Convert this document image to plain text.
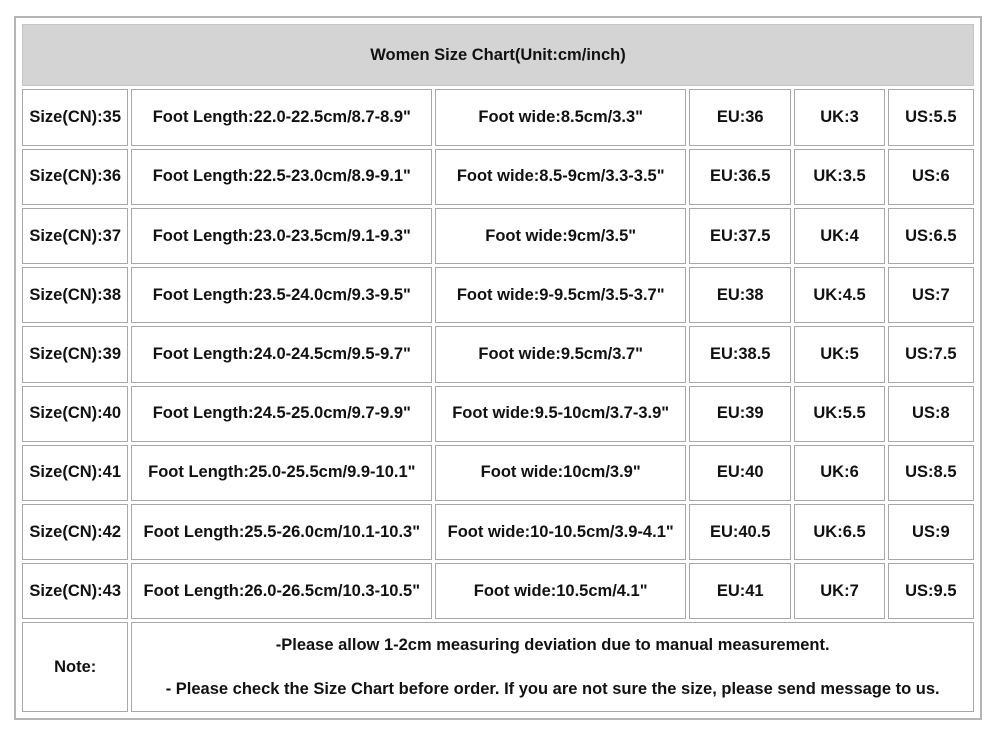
Women Size Chart(Unit:cm/inch)					
Size(CN):35	Foot Length:22.0-22.5cm/8.7-8.9"	Foot wide:8.5cm/3.3"	EU:36	UK:3	US:5.5
Size(CN):36	Foot Length:22.5-23.0cm/8.9-9.1"	Foot wide:8.5-9cm/3.3-3.5"	EU:36.5	UK:3.5	US:6
Size(CN):37	Foot Length:23.0-23.5cm/9.1-9.3"	Foot wide:9cm/3.5"	EU:37.5	UK:4	US:6.5
Size(CN):38	Foot Length:23.5-24.0cm/9.3-9.5"	Foot wide:9-9.5cm/3.5-3.7"	EU:38	UK:4.5	US:7
Size(CN):39	Foot Length:24.0-24.5cm/9.5-9.7"	Foot wide:9.5cm/3.7"	EU:38.5	UK:5	US:7.5
Size(CN):40	Foot Length:24.5-25.0cm/9.7-9.9"	Foot wide:9.5-10cm/3.7-3.9"	EU:39	UK:5.5	US:8
Size(CN):41	Foot Length:25.0-25.5cm/9.9-10.1"	Foot wide:10cm/3.9"	EU:40	UK:6	US:8.5
Size(CN):42	Foot Length:25.5-26.0cm/10.1-10.3"	Foot wide:10-10.5cm/3.9-4.1"	EU:40.5	UK:6.5	US:9
Size(CN):43	Foot Length:26.0-26.5cm/10.3-10.5"	Foot wide:10.5cm/4.1"	EU:41	UK:7	US:9.5
Note:	-Please allow 1-2cm measuring deviation due to manual measurement.
- Please check the Size Chart before order. If you are not sure the size, please send message to us.				
